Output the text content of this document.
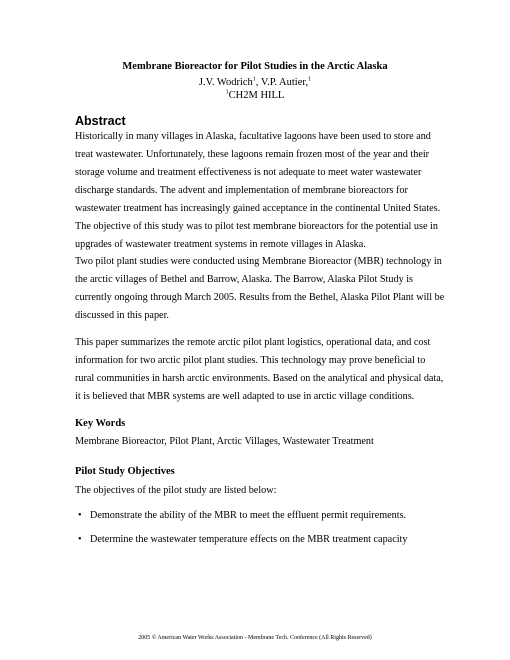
Membrane Bioreactor for Pilot Studies in the Arctic Alaska
J.V. Wodrich$^1$, V.P. Autier,$^1$
$^1$CH2M HILL
Abstract

Historically in many villages in Alaska, facultative lagoons have been used to store and treat wastewater. Unfortunately, these lagoons remain frozen most of the year and their storage volume and treatment effectiveness is not adequate to meet water wastewater discharge standards. The advent and implementation of membrane bioreactors for wastewater treatment has increasingly gained acceptance in the continental United States. The objective of this study was to pilot test membrane bioreactors for the potential use in upgrades of wastewater treatment systems in remote villages in Alaska.

Two pilot plant studies were conducted using Membrane Bioreactor (MBR) technology in the arctic villages of Bethel and Barrow, Alaska. The Barrow, Alaska Pilot Study is currently ongoing through March 2005. Results from the Bethel, Alaska Pilot Plant will be discussed in this paper.

This paper summarizes the remote arctic pilot plant logistics, operational data, and cost information for two arctic pilot plant studies. This technology may prove beneficial to rural communities in harsh arctic environments. Based on the analytical and physical data, it is believed that MBR systems are well adapted to use in arctic village conditions.

Key Words
Membrane Bioreactor, Pilot Plant, Arctic Villages, Wastewater Treatment
Pilot Study Objectives
The objectives of the pilot study are listed below:
• Demonstrate the ability of the MBR to meet the effluent permit requirements.
• Determine the wastewater temperature effects on the MBR treatment capacity
2005 © American Water Works Association - Membrane Tech. Conference (All Rights Reserved)
